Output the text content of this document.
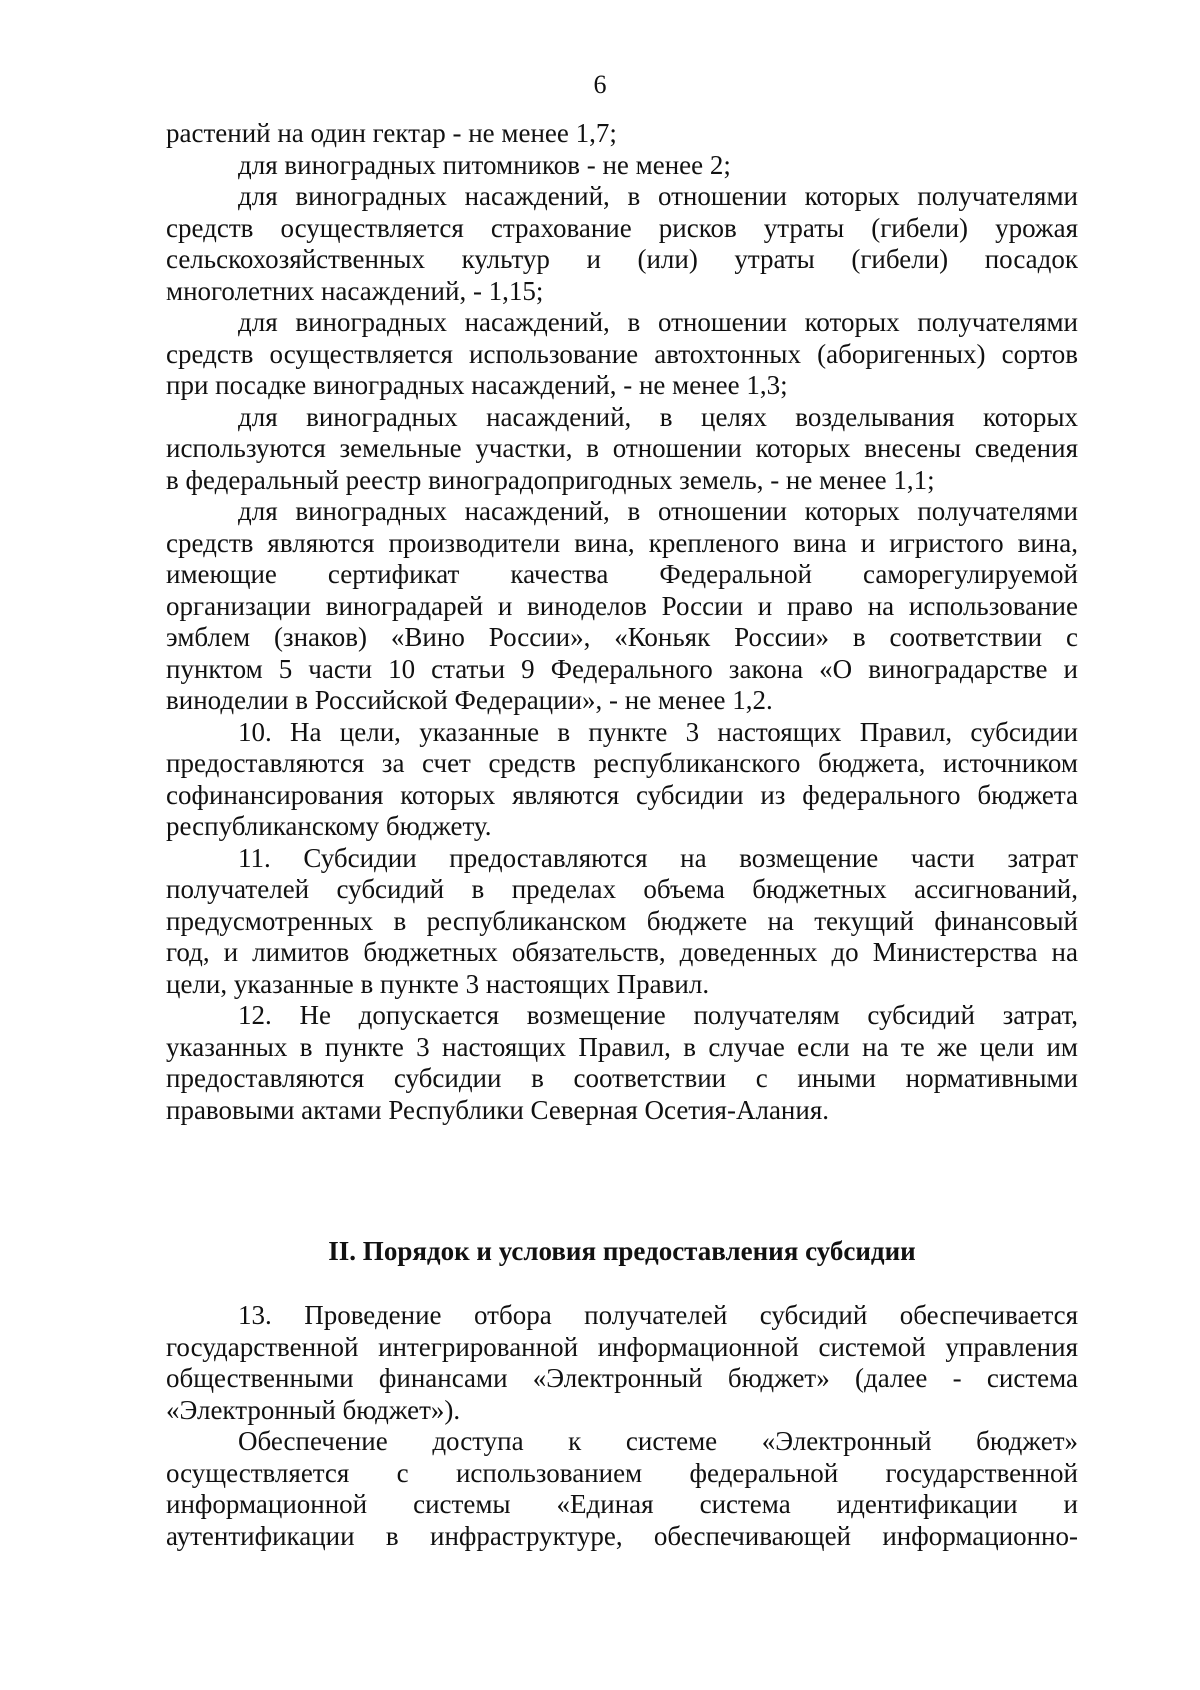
6
растений на один гектар - не менее 1,7;
для виноградных питомников - не менее 2;
для виноградных насаждений, в отношении которых получателями
средств осуществляется страхование рисков утраты (гибели) урожая
сельскохозяйственных культур и (или) утраты (гибели) посадок
многолетних насаждений, - 1,15;
для виноградных насаждений, в отношении которых получателями
средств осуществляется использование автохтонных (аборигенных) сортов
при посадке виноградных насаждений, - не менее 1,3;
для виноградных насаждений, в целях возделывания которых
используются земельные участки, в отношении которых внесены сведения
в федеральный реестр виноградопригодных земель, - не менее 1,1;
для виноградных насаждений, в отношении которых получателями
средств являются производители вина, крепленого вина и игристого вина,
имеющие сертификат качества Федеральной саморегулируемой
организации виноградарей и виноделов России и право на использование
эмблем (знаков) «Вино России», «Коньяк России» в соответствии с
пунктом 5 части 10 статьи 9 Федерального закона «О виноградарстве и
виноделии в Российской Федерации», - не менее 1,2.
10. На цели, указанные в пункте 3 настоящих Правил, субсидии
предоставляются за счет средств республиканского бюджета, источником
софинансирования которых являются субсидии из федерального бюджета
республиканскому бюджету.
11. Субсидии предоставляются на возмещение части затрат
получателей субсидий в пределах объема бюджетных ассигнований,
предусмотренных в республиканском бюджете на текущий финансовый
год, и лимитов бюджетных обязательств, доведенных до Министерства на
цели, указанные в пункте 3 настоящих Правил.
12. Не допускается возмещение получателям субсидий затрат,
указанных в пункте 3 настоящих Правил, в случае если на те же цели им
предоставляются субсидии в соответствии с иными нормативными
правовыми актами Республики Северная Осетия-Алания.
II. Порядок и условия предоставления субсидии
13. Проведение отбора получателей субсидий обеспечивается
государственной интегрированной информационной системой управления
общественными финансами «Электронный бюджет» (далее - система
«Электронный бюджет»).
Обеспечение доступа к системе «Электронный бюджет»
осуществляется с использованием федеральной государственной
информационной системы «Единая система идентификации и
аутентификации в инфраструктуре, обеспечивающей информационно-
